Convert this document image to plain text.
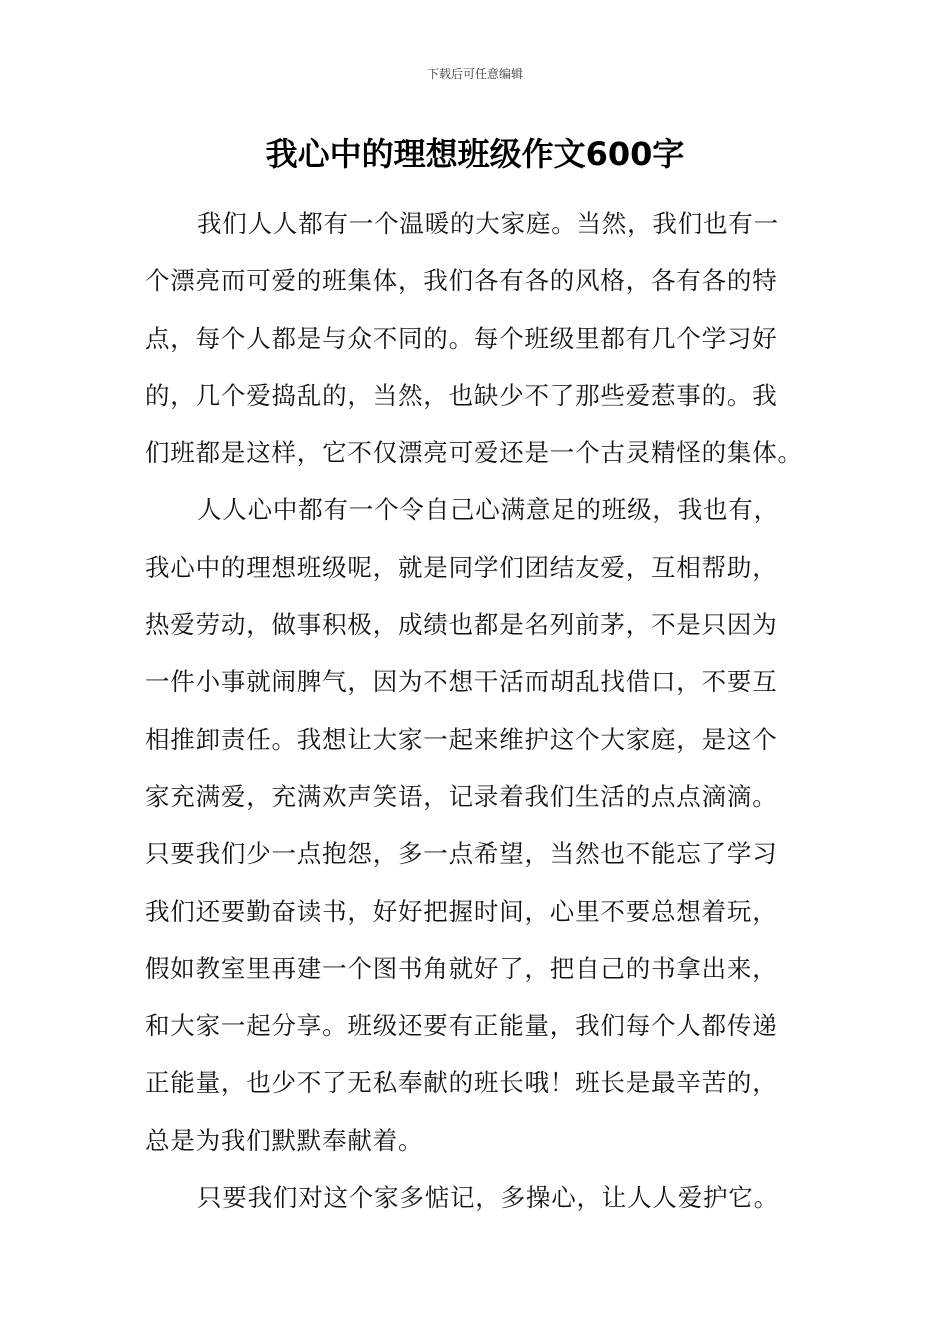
下载后可任意编辑
我心中的理想班级作文600字
我们人人都有一个温暖的大家庭。当然，我们也有一
个漂亮而可爱的班集体，我们各有各的风格，各有各的特
点，每个人都是与众不同的。每个班级里都有几个学习好
的，几个爱捣乱的，当然，也缺少不了那些爱惹事的。我
们班都是这样，它不仅漂亮可爱还是一个古灵精怪的集体。
人人心中都有一个令自己心满意足的班级，我也有，
我心中的理想班级呢，就是同学们团结友爱，互相帮助，
热爱劳动，做事积极，成绩也都是名列前茅，不是只因为
一件小事就闹脾气，因为不想干活而胡乱找借口，不要互
相推卸责任。我想让大家一起来维护这个大家庭，是这个
家充满爱，充满欢声笑语，记录着我们生活的点点滴滴。
只要我们少一点抱怨，多一点希望，当然也不能忘了学习
我们还要勤奋读书，好好把握时间，心里不要总想着玩，
假如教室里再建一个图书角就好了，把自己的书拿出来，
和大家一起分享。班级还要有正能量，我们每个人都传递
正能量，也少不了无私奉献的班长哦！班长是最辛苦的，
总是为我们默默奉献着。
只要我们对这个家多惦记，多操心，让人人爱护它。
